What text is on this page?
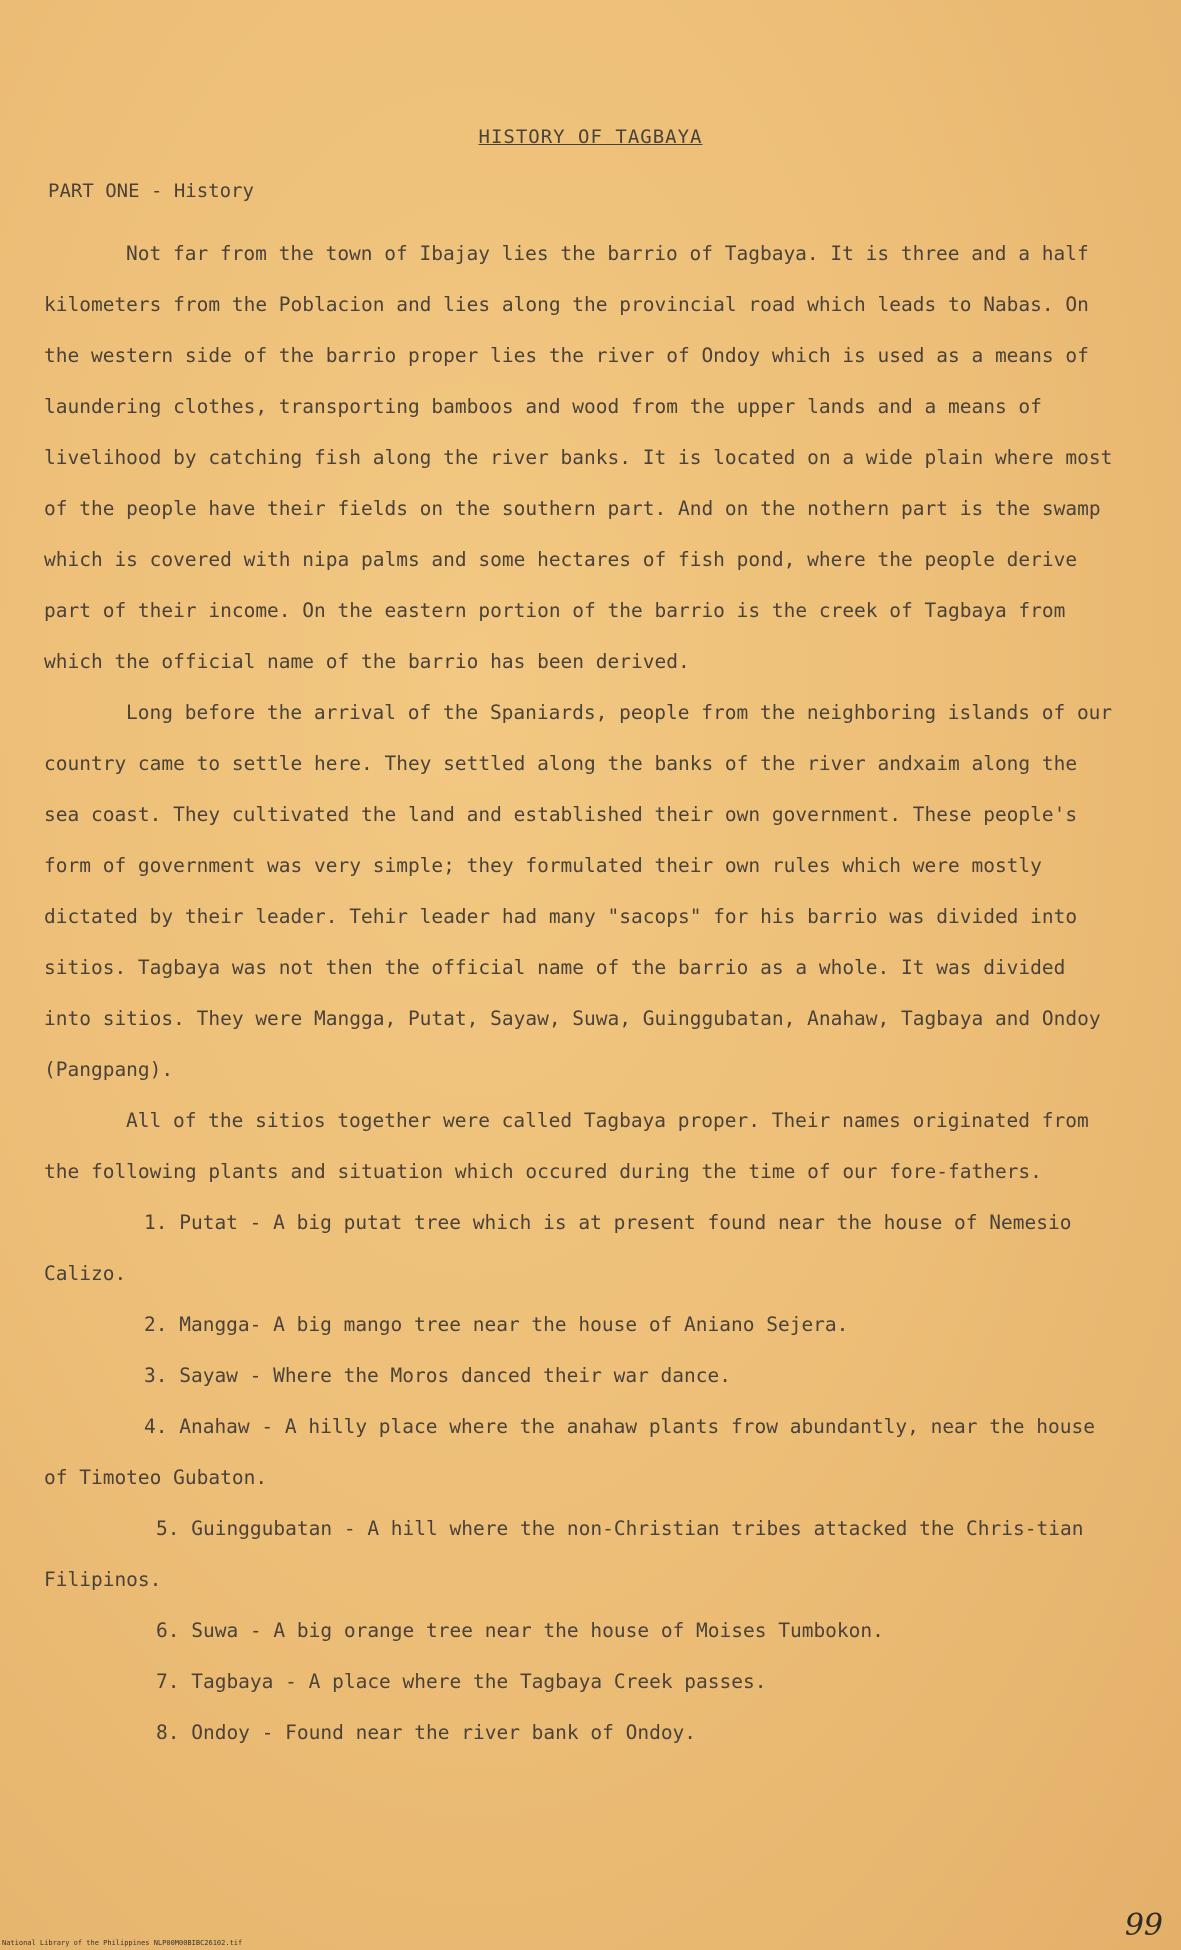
HISTORY OF TAGBAYA
PART ONE - History

Not far from the town of Ibajay lies the barrio of Tagbaya. It is three and a half kilometers from the Poblacion and lies along the provincial road which leads to Nabas. On the western side of the barrio proper lies the river of Ondoy which is used as a means of laundering clothes, transporting bamboos and wood from the upper lands and a means of livelihood by catching fish along the river banks. It is located on a wide plain where most of the people have their fields on the southern part. And on the nothern part is the swamp which is covered with nipa palms and some hectares of fish pond, where the people derive part of their income. On the eastern portion of the barrio is the creek of Tagbaya from which the official name of the barrio has been derived.

Long before the arrival of the Spaniards, people from the neighboring islands of our country came to settle here. They settled along the banks of the river andxaim along the sea coast. They cultivated the land and established their own government. These people's form of government was very simple; they formulated their own rules which were mostly dictated by their leader. Tehir leader had many "sacops" for his barrio was divided into sitios. Tagbaya was not then the official name of the barrio as a whole. It was divided into sitios. They were Mangga, Putat, Sayaw, Suwa, Guinggubatan, Anahaw, Tagbaya and Ondoy (Pangpang).

All of the sitios together were called Tagbaya proper. Their names originated from the following plants and situation which occured during the time of our fore-fathers.

1. Putat - A big putat tree which is at present found near the house of Nemesio Calizo.

2. Mangga- A big mango tree near the house of Aniano Sejera.

3. Sayaw - Where the Moros danced their war dance.

4. Anahaw - A hilly place where the anahaw plants frow abundantly, near the house of Timoteo Gubaton.

5. Guinggubatan - A hill where the non-Christian tribes attacked the Chris-tian Filipinos.

6. Suwa - A big orange tree near the house of Moises Tumbokon.

7. Tagbaya - A place where the Tagbaya Creek passes.

8. Ondoy - Found near the river bank of Ondoy.

National Library of the Philippines NLP00M00BIBC26102.tif	99
